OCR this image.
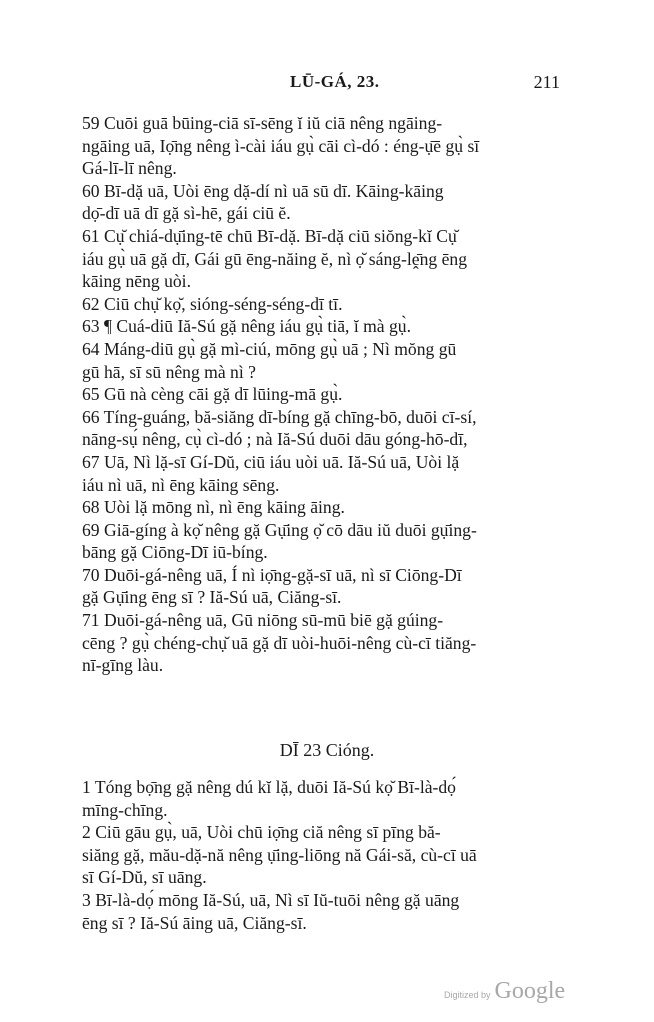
LŪ-GÁ, 23.	211
59 Cuōi guā būing-ciā sī-sēng ĭ iŭ ciā nêng ngāing-
ngāing uā, Iọ̄ng nêng ì-cài iáu gụ̀ cāi cì-dó : éng-ụ̄ē gụ̀ sī
Gá-lī-lī nêng.
60 Bī-dặ uā, Uòi ēng dặ-dí nì uā sū dī. Kāing-kāing
dọ̄-dī uā dī gặ sì-hē, gái ciū ĕ.
61 Cụ̆ chiá-dụ̄ing-tē chū Bī-dặ. Bī-dặ ciū siŏng-kĭ Cụ̆
iáu gụ̀ uā gặ dī, Gái gū ēng-năing ĕ, nì ọ̆ sáng-lḙ̄ng ēng
kāing nēng uòi.
62 Ciū chụ̆ kọ̆, sióng-séng-séng-dī tī.
63 ¶ Cuá-diū Iă-Sú gặ nêng iáu gụ̀ tiā, ĭ mà gụ̀.
64 Máng-diū gụ̀ gặ mì-ciú, mōng gụ̀ uā ; Nì mŏng gū
gū hā, sī sū nêng mà nì ?
65 Gū nà cèng cāi gặ dī lūing-mā gụ̀.
66 Tíng-guáng, bă-siăng dī-bíng gặ chīng-bō, duōi cī-sí,
nāng-sụ́ nêng, cụ̀ cì-dó ; nà Iă-Sú duōi dāu góng-hō-dī,
67 Uā, Nì lặ-sī Gí-Dŭ, ciū iáu uòi uā. Iă-Sú uā, Uòi lặ
iáu nì uā, nì ēng kāing sēng.
68 Uòi lặ mōng nì, nì ēng kāing āing.
69 Giā-gíng à kọ̆ nêng gặ Gụ̄ing ọ̆ cō dāu iŭ duōi gụ̄ing-
bāng gặ Ciōng-Dī iū-bíng.
70 Duōi-gá-nêng uā, Í nì iọ̄ng-gặ-sī uā, nì sī Ciōng-Dī
gặ Gụ̄ing ēng sī ? Iă-Sú uā, Ciăng-sī.
71 Duōi-gá-nêng uā, Gū niōng sū-mū biē gặ gúing-
cēng ? gụ̀ chéng-chụ̆ uā gặ dī uòi-huōi-nêng cù-cī tiăng-
nī-gīng làu.
DĪ 23 Cióng.
1 Tóng bọ̄ng gặ nêng dú kĭ lặ, duōi Iă-Sú kọ̆ Bī-là-dọ́
mīng-chīng.
2 Ciū gāu gụ̀, uā, Uòi chū iọ̄ng ciă nêng sī pīng bă-
siăng gặ, mău-dặ-nă nêng ụ̄ing-liōng nă Gái-să, cù-cī uā
sī Gí-Dŭ, sī uāng.
3 Bī-là-dọ́ mōng Iă-Sú, uā, Nì sī Iŭ-tuōi nêng gặ uāng
ēng sī ? Iă-Sú āing uā, Ciăng-sī.
Digitized by Google
